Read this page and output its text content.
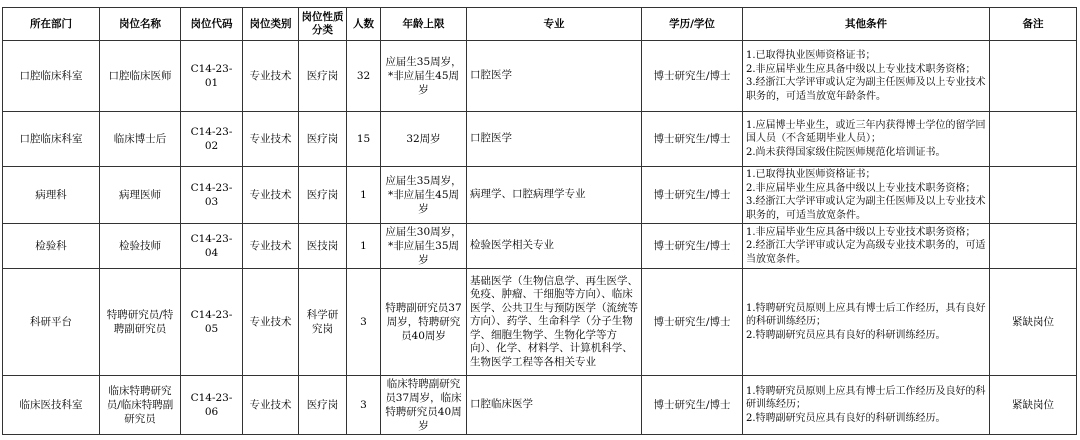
所在部门	岗位名称	岗位代码	岗位类别	岗位性质分类	人数	年龄上限	专业	学历/学位	其他条件	备注
口腔临床科室	口腔临床医师	C14-23-01	专业技术	医疗岗	32	应届生35周岁，*非应届生45周岁	口腔医学	博士研究生/博士	1.已取得执业医师资格证书；
2.非应届毕业生应具备中级以上专业技术职务资格；
3.经浙江大学评审或认定为副主任医师及以上专业技术职务的，可适当放宽年龄条件。	

口腔临床科室	临床博士后	C14-23-02	专业技术	医疗岗	15	32周岁	口腔医学	博士研究生/博士	1.应届博士毕业生，或近三年内获得博士学位的留学回国人员（不含延期毕业人员）；
2.尚未获得国家级住院医师规范化培训证书。	

病理科	病理医师	C14-23-03	专业技术	医疗岗	1	应届生35周岁，*非应届生45周岁	病理学、口腔病理学专业	博士研究生/博士	1.已取得执业医师资格证书；
2.非应届毕业生应具备中级以上专业技术职务资格；
3.经浙江大学评审或认定为副主任医师及以上专业技术职务的，可适当放宽条件。	

检验科	检验技师	C14-23-04	专业技术	医技岗	1	应届生30周岁，*非应届生35周岁	检验医学相关专业	博士研究生/博士	1.非应届毕业生应具备中级以上专业技术职务资格；
2.经浙江大学评审或认定为高级专业技术职务的，可适当放宽条件。	

科研平台	特聘研究员/特聘副研究员	C14-23-05	专业技术	科学研究岗	3	特聘副研究员37周岁，特聘研究员40周岁	基础医学（生物信息学、再生医学、免疫、肿瘤、干细胞等方向）、临床医学、公共卫生与预防医学（流统等方向）、药学、生命科学（分子生物学、细胞生物学、生物化学等方向）、化学、材料学、计算机科学、生物医学工程等各相关专业	博士研究生/博士	1.特聘研究员原则上应具有博士后工作经历，具有良好的科研训练经历；
2.特聘副研究员应具有良好的科研训练经历。	紧缺岗位
临床医技科室	临床特聘研究员/临床特聘副研究员	C14-23-06	专业技术	医疗岗	3	临床特聘副研究员37周岁，临床特聘研究员40周岁	口腔临床医学	博士研究生/博士	1.特聘研究员原则上应具有博士后工作经历及良好的科研训练经历；
2.特聘副研究员应具有良好的科研训练经历。	紧缺岗位
